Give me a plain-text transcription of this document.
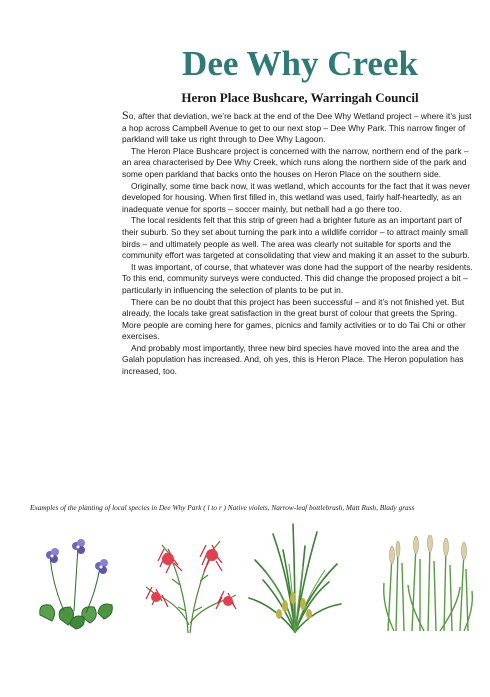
Dee Why Creek
Heron Place Bushcare, Warringah Council

So, after that deviation, we’re back at the end of the Dee Why Wetland project – where it’s just a hop across Campbell Avenue to get to our next stop – Dee Why Park. This narrow finger of parkland will take us right through to Dee Why Lagoon.

The Heron Place Bushcare project is concerned with the narrow, northern end of the park – an area characterised by Dee Why Creek, which runs along the northern side of the park and some open parkland that backs onto the houses on Heron Place on the southern side.

Originally, some time back now, it was wetland, which accounts for the fact that it was never developed for housing. When first filled in, this wetland was used, fairly half-heartedly, as an inadequate venue for sports – soccer mainly, but netball had a go there too.

The local residents felt that this strip of green had a brighter future as an important part of their suburb. So they set about turning the park into a wildlife corridor – to attract mainly small birds – and ultimately people as well. The area was clearly not suitable for sports and the community effort was targeted at consolidating that view and making it an asset to the suburb.

It was important, of course, that whatever was done had the support of the nearby residents. To this end, community surveys were conducted. This did change the proposed project a bit – particularly in influencing the selection of plants to be put in.

There can be no doubt that this project has been successful – and it’s not finished yet. But already, the locals take great satisfaction in the great burst of colour that greets the Spring. More people are coming here for games, picnics and family activities or to do Tai Chi or other exercises.

And probably most importantly, three new bird species have moved into the area and the Galah population has increased. And, oh yes, this is Heron Place. The Heron population has increased, too.

Examples of the planting of local species in Dee Why Park ( l to r ) Native violets, Narrow-leaf bottlebrush, Matt Rush, Blady grass
